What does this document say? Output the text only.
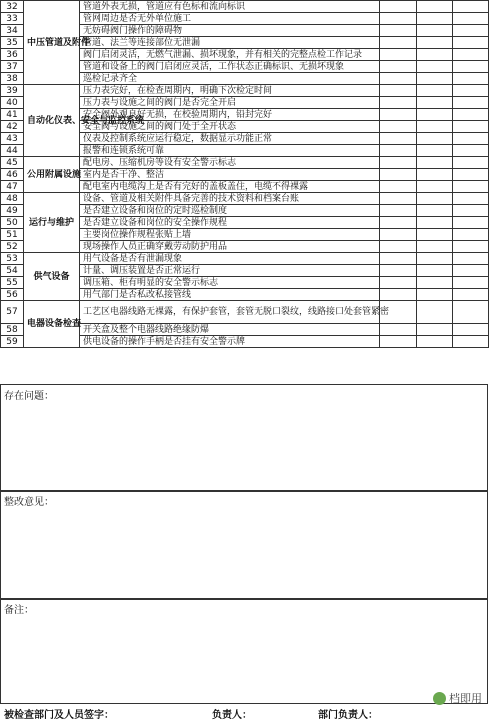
32	中压管道及附件	管道外表无损，管道应有色标和流向标识			
33		管网周边是否无外单位施工			
34		无妨碍阀门操作的障碍物			
35		管道、法兰等连接部位无泄漏			
36		阀门启闭灵活，无燃气泄漏、损坏现象，并有相关的完整点检工作记录			
37		管道和设备上的阀门启闭应灵活，工作状态正确标识、无损坏现象			
38		巡检记录齐全			
39	自动化仪表、安全与监控系统	压力表完好，在检查周期内，明确下次检定时间			
40		压力表与设施之间的阀门是否完全开启			
41		安全阀外观良好无损，在校验周期内，铅封完好			
42		安全阀与设施之间的阀门处于全开状态			
43		仪表及控制系统应运行稳定，数据显示功能正常			
44		报警和连锁系统可靠			
45	公用附属设施	配电房、压缩机房等设有安全警示标志			
46		室内是否干净、整洁			
47		配电室内电缆沟上是否有完好的盖板盖住，电缆不得裸露			
48	运行与维护	设备、管道及相关附件具备完善的技术资料和档案台账			
49		是否建立设备和岗位的定时巡检制度			
50		是否建立设备和岗位的安全操作规程			
51		主要岗位操作规程张贴上墙			
52		现场操作人员正确穿戴劳动防护用品			
53	供气设备	用气设备是否有泄漏现象			
54		计量、调压装置是否正常运行			
55		调压箱、柜有明显的安全警示标志			
56		用气部门是否私改私接管线			
57	电器设备检查	工艺区电器线路无裸露，有保护套管，套管无脱口裂纹，线路接口处套管紧密			
58		开关盒及整个电器线路绝缘防爆			
59		供电设备的操作手柄是否挂有安全警示牌			
存在问题：
整改意见：
备注：
档即用
被检查部门及人员签字：	负责人：	部门负责人：
